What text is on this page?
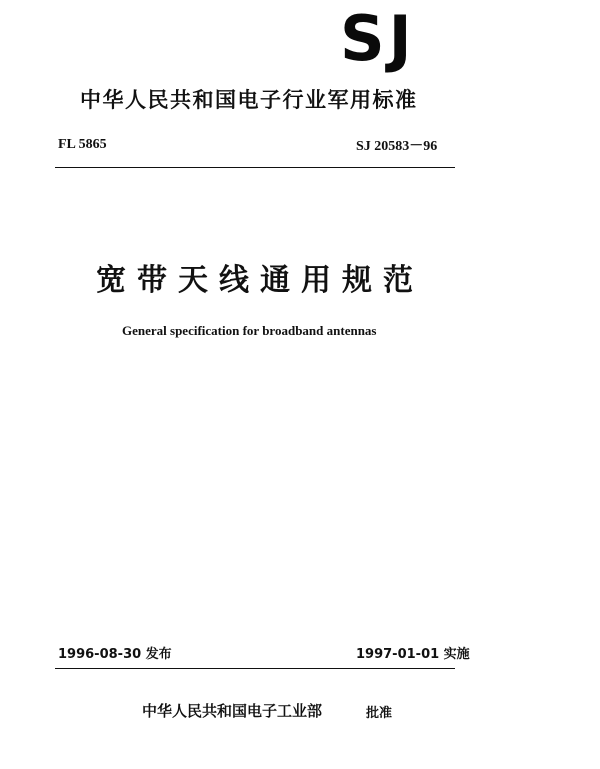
SJ
中华人民共和国电子行业军用标准
FL 5865	SJ 20583－96
宽带天线通用规范
General specification for broadband antennas
1996-08-30 发布	1997-01-01 实施
中华人民共和国电子工业部	批准
